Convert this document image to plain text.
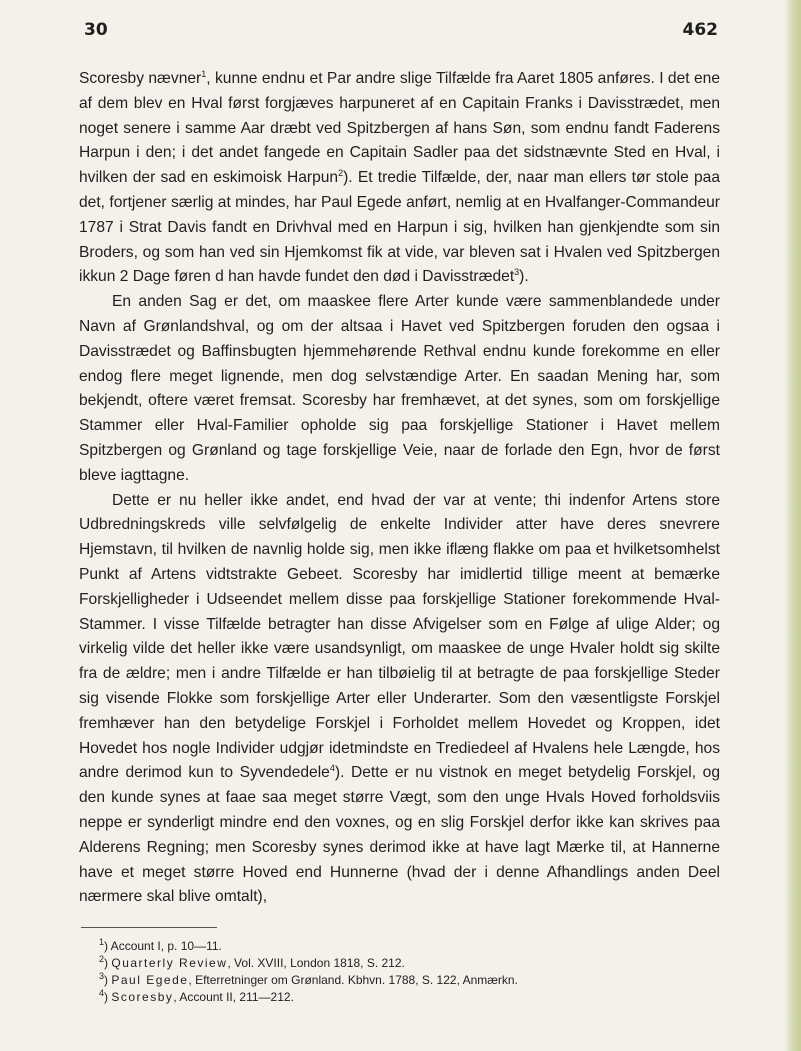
30	462

Scoresby nævner$^1$, kunne endnu et Par andre slige Tilfælde fra Aaret 1805 anføres. I det ene af dem blev en Hval først forgjæves harpuneret af en Capitain Franks i Davisstrædet, men noget senere i samme Aar dræbt ved Spitzbergen af hans Søn, som endnu fandt Faderens Harpun i den; i det andet fangede en Capitain Sadler paa det sidstnævnte Sted en Hval, i hvilken der sad en eskimoisk Harpun$^2$). Et tredie Tilfælde, der, naar man ellers tør stole paa det, fortjener særlig at mindes, har Paul Egede anført, nemlig at en Hvalfanger-Commandeur 1787 i Strat Davis fandt en Drivhval med en Harpun i sig, hvilken han gjenkjendte som sin Broders, og som han ved sin Hjemkomst fik at vide, var bleven sat i Hvalen ved Spitzbergen ikkun 2 Dage føren d han havde fundet den død i Davisstrædet$^3$).

En anden Sag er det, om maaskee flere Arter kunde være sammenblandede under Navn af Grønlandshval, og om der altsaa i Havet ved Spitzbergen foruden den ogsaa i Davisstrædet og Baffinsbugten hjemmehørende Rethval endnu kunde forekomme en eller endog flere meget lignende, men dog selvstændige Arter. En saadan Mening har, som bekjendt, oftere været fremsat. Scoresby har fremhævet, at det synes, som om forskjellige Stammer eller Hval-Familier opholde sig paa forskjellige Stationer i Havet mellem Spitzbergen og Grønland og tage forskjellige Veie, naar de forlade den Egn, hvor de først bleve iagttagne.

Dette er nu heller ikke andet, end hvad der var at vente; thi indenfor Artens store Udbredningskreds ville selvfølgelig de enkelte Individer atter have deres snevrere Hjemstavn, til hvilken de navnlig holde sig, men ikke iflæng flakke om paa et hvilketsomhelst Punkt af Artens vidtstrakte Gebeet. Scoresby har imidlertid tillige meent at bemærke Forskjelligheder i Udseendet mellem disse paa forskjellige Stationer forekommende Hval-Stammer. I visse Tilfælde betragter han disse Afvigelser som en Følge af ulige Alder; og virkelig vilde det heller ikke være usandsynligt, om maaskee de unge Hvaler holdt sig skilte fra de ældre; men i andre Tilfælde er han tilbøielig til at betragte de paa forskjellige Steder sig visende Flokke som forskjellige Arter eller Underarter. Som den væsentligste Forskjel fremhæver han den betydelige Forskjel i Forholdet mellem Hovedet og Kroppen, idet Hovedet hos nogle Individer udgjør idetmindste en Trediedeel af Hvalens hele Længde, hos andre derimod kun to Syvendedele$^4$). Dette er nu vistnok en meget betydelig Forskjel, og den kunde synes at faae saa meget større Vægt, som den unge Hvals Hoved forholdsviis neppe er synderligt mindre end den voxnes, og en slig Forskjel derfor ikke kan skrives paa Alderens Regning; men Scoresby synes derimod ikke at have lagt Mærke til, at Hannerne have et meget større Hoved end Hunnerne (hvad der i denne Afhandlings anden Deel nærmere skal blive omtalt),

$^1$) Account I, p. 10—11.
$^2$) Quarterly Review, Vol. XVIII, London 1818, S. 212.
$^3$) Paul Egede, Efterretninger om Grønland. Kbhvn. 1788, S. 122, Anmærkn.
$^4$) Scoresby, Account II, 211—212.
